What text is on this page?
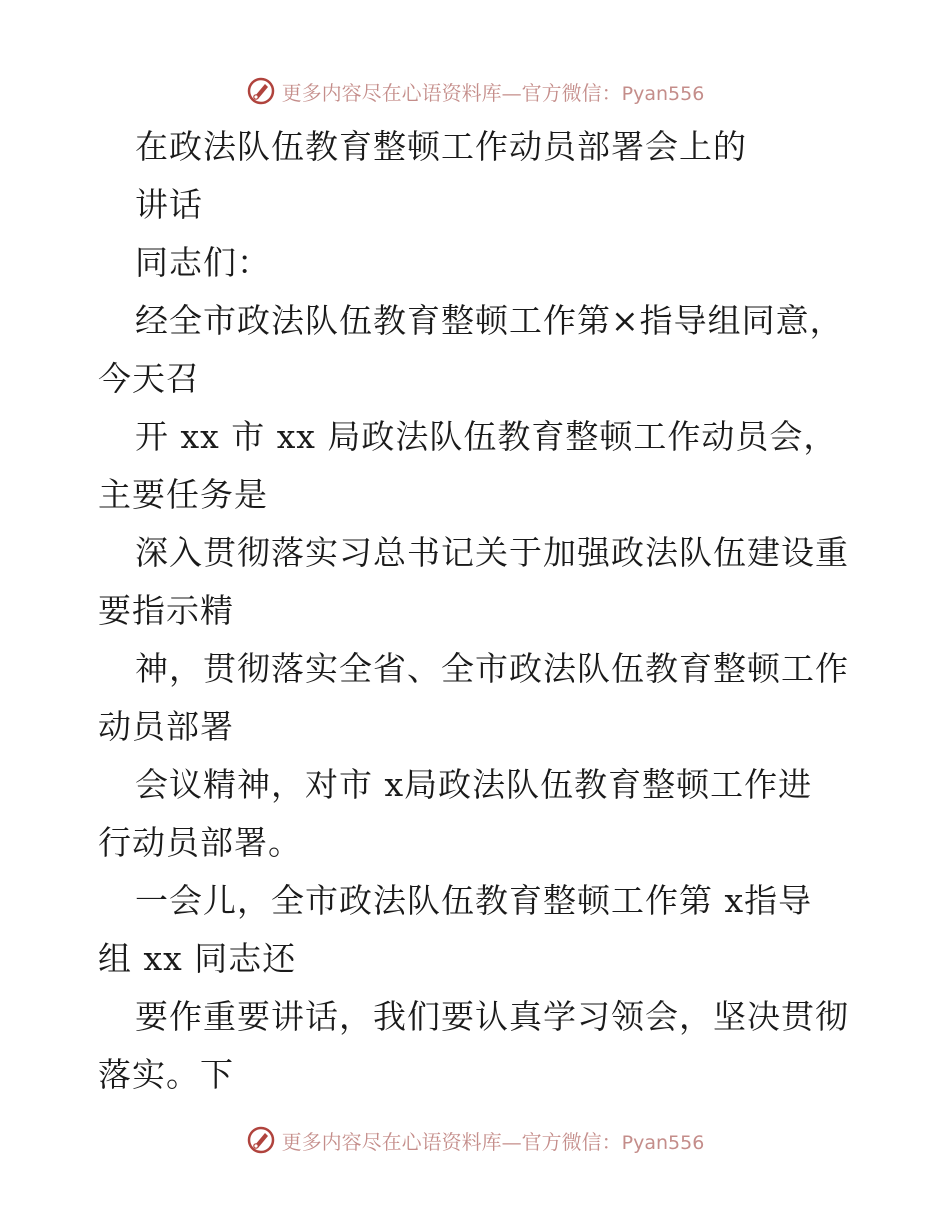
更多内容尽在心语资料库—官方微信：Pyan556
在政法队伍教育整顿工作动员部署会上的
讲话
同志们：
经全市政法队伍教育整顿工作第×指导组同意，
今天召
开 xx 市 xx 局政法队伍教育整顿工作动员会，
主要任务是
深入贯彻落实习总书记关于加强政法队伍建设重
要指示精
神，贯彻落实全省、全市政法队伍教育整顿工作
动员部署
会议精神，对市 x局政法队伍教育整顿工作进
行动员部署。
一会儿，全市政法队伍教育整顿工作第 x指导
组 xx 同志还
要作重要讲话，我们要认真学习领会，坚决贯彻
落实。下
更多内容尽在心语资料库—官方微信：Pyan556
